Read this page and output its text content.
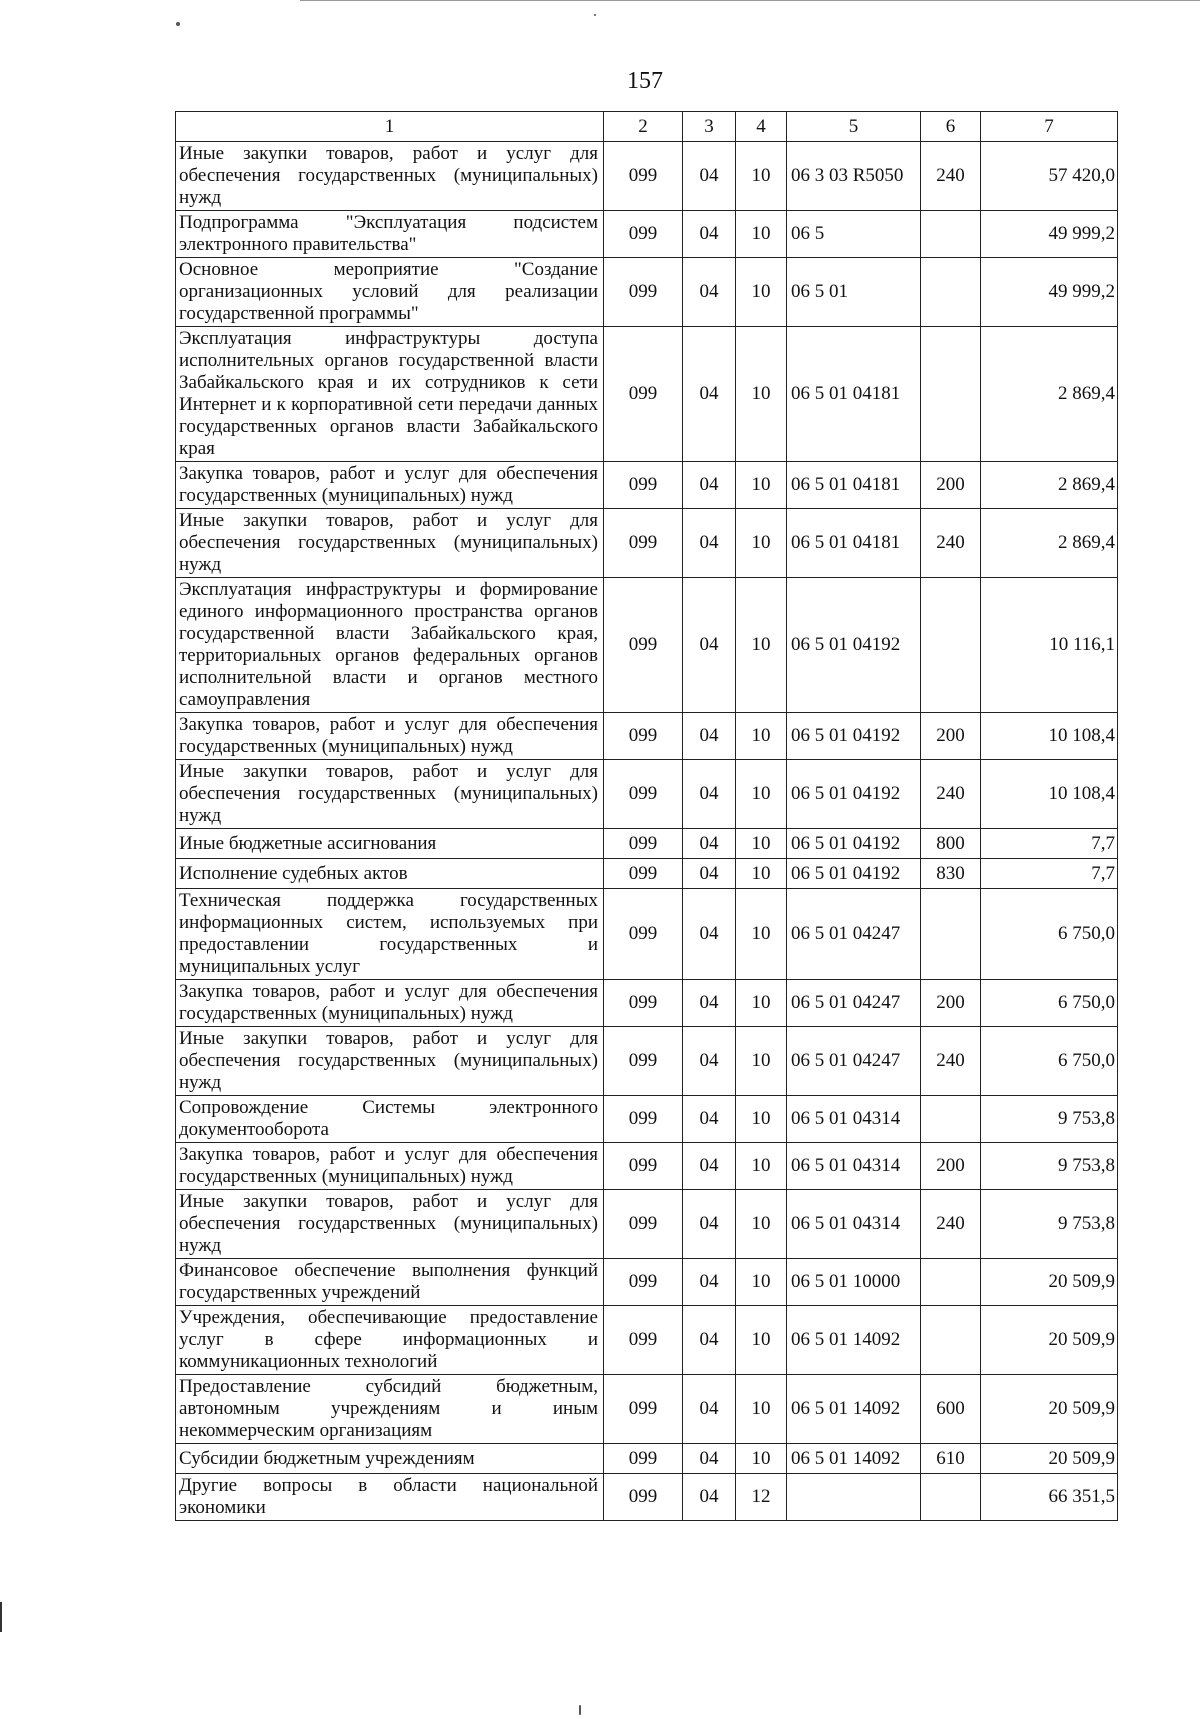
157
1	2	3	4	5	6	7
Иные закупки товаров, работ и услуг для обеспечения государственных (муниципальных) нужд	099	04	10	06 3 03 R5050	240	57 420,0
Подпрограмма "Эксплуатация подсистем электронного правительства"	099	04	10	06 5		49 999,2
Основное мероприятие "Создание организационных условий для реализации государственной программы"	099	04	10	06 5 01		49 999,2
Эксплуатация инфраструктуры доступа исполнительных органов государственной власти Забайкальского края и их сотрудников к сети Интернет и к корпоративной сети передачи данных государственных органов власти Забайкальского края	099	04	10	06 5 01 04181		2 869,4
Закупка товаров, работ и услуг для обеспечения государственных (муниципальных) нужд	099	04	10	06 5 01 04181	200	2 869,4
Иные закупки товаров, работ и услуг для обеспечения государственных (муниципальных) нужд	099	04	10	06 5 01 04181	240	2 869,4
Эксплуатация инфраструктуры и формирование единого информационного пространства органов государственной власти Забайкальского края, территориальных органов федеральных органов исполнительной власти и органов местного самоуправления	099	04	10	06 5 01 04192		10 116,1
Закупка товаров, работ и услуг для обеспечения государственных (муниципальных) нужд	099	04	10	06 5 01 04192	200	10 108,4
Иные закупки товаров, работ и услуг для обеспечения государственных (муниципальных) нужд	099	04	10	06 5 01 04192	240	10 108,4
Иные бюджетные ассигнования	099	04	10	06 5 01 04192	800	7,7
Исполнение судебных актов	099	04	10	06 5 01 04192	830	7,7
Техническая поддержка государственных информационных систем, используемых при предоставлении государственных и муниципальных услуг	099	04	10	06 5 01 04247		6 750,0
Закупка товаров, работ и услуг для обеспечения государственных (муниципальных) нужд	099	04	10	06 5 01 04247	200	6 750,0
Иные закупки товаров, работ и услуг для обеспечения государственных (муниципальных) нужд	099	04	10	06 5 01 04247	240	6 750,0
Сопровождение Системы электронного документооборота	099	04	10	06 5 01 04314		9 753,8
Закупка товаров, работ и услуг для обеспечения государственных (муниципальных) нужд	099	04	10	06 5 01 04314	200	9 753,8
Иные закупки товаров, работ и услуг для обеспечения государственных (муниципальных) нужд	099	04	10	06 5 01 04314	240	9 753,8
Финансовое обеспечение выполнения функций государственных учреждений	099	04	10	06 5 01 10000		20 509,9
Учреждения, обеспечивающие предоставление услуг в сфере информационных и коммуникационных технологий	099	04	10	06 5 01 14092		20 509,9
Предоставление субсидий бюджетным, автономным учреждениям и иным некоммерческим организациям	099	04	10	06 5 01 14092	600	20 509,9
Субсидии бюджетным учреждениям	099	04	10	06 5 01 14092	610	20 509,9
Другие вопросы в области национальной экономики	099	04	12			66 351,5
